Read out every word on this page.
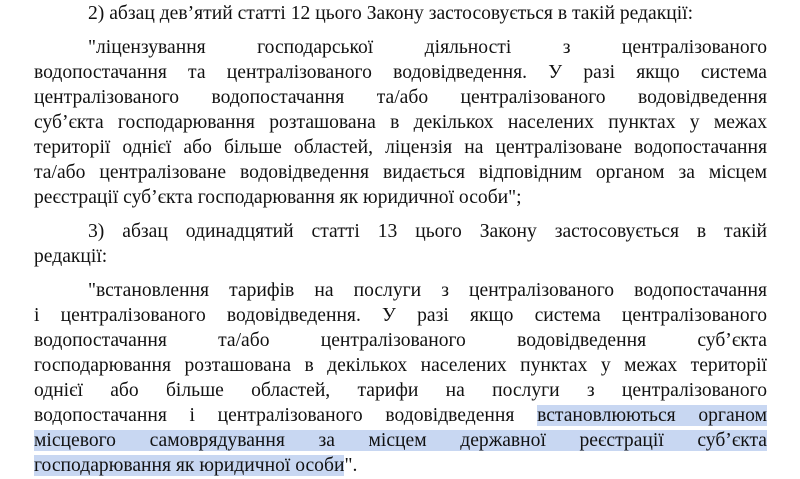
2) абзац дев’ятий статті 12 цього Закону застосовується в такій редакції:
"ліцензування господарської діяльності з централізованого
водопостачання та централізованого водовідведення. У разі якщо система
централізованого водопостачання та/або централізованого водовідведення
суб’єкта господарювання розташована в декількох населених пунктах у межах
території однієї або більше областей, ліцензія на централізоване водопостачання
та/або централізоване водовідведення видається відповідним органом за місцем
реєстрації суб’єкта господарювання як юридичної особи";
3) абзац одинадцятий статті 13 цього Закону застосовується в такій
редакції:
"встановлення тарифів на послуги з централізованого водопостачання
і централізованого водовідведення. У разі якщо система централізованого
водопостачання та/або централізованого водовідведення суб’єкта
господарювання розташована в декількох населених пунктах у межах території
однієї або більше областей, тарифи на послуги з централізованого
водопостачання і централізованого водовідведення встановлюються органом
місцевого самоврядування за місцем державної реєстрації суб’єкта
господарювання як юридичної особи".
